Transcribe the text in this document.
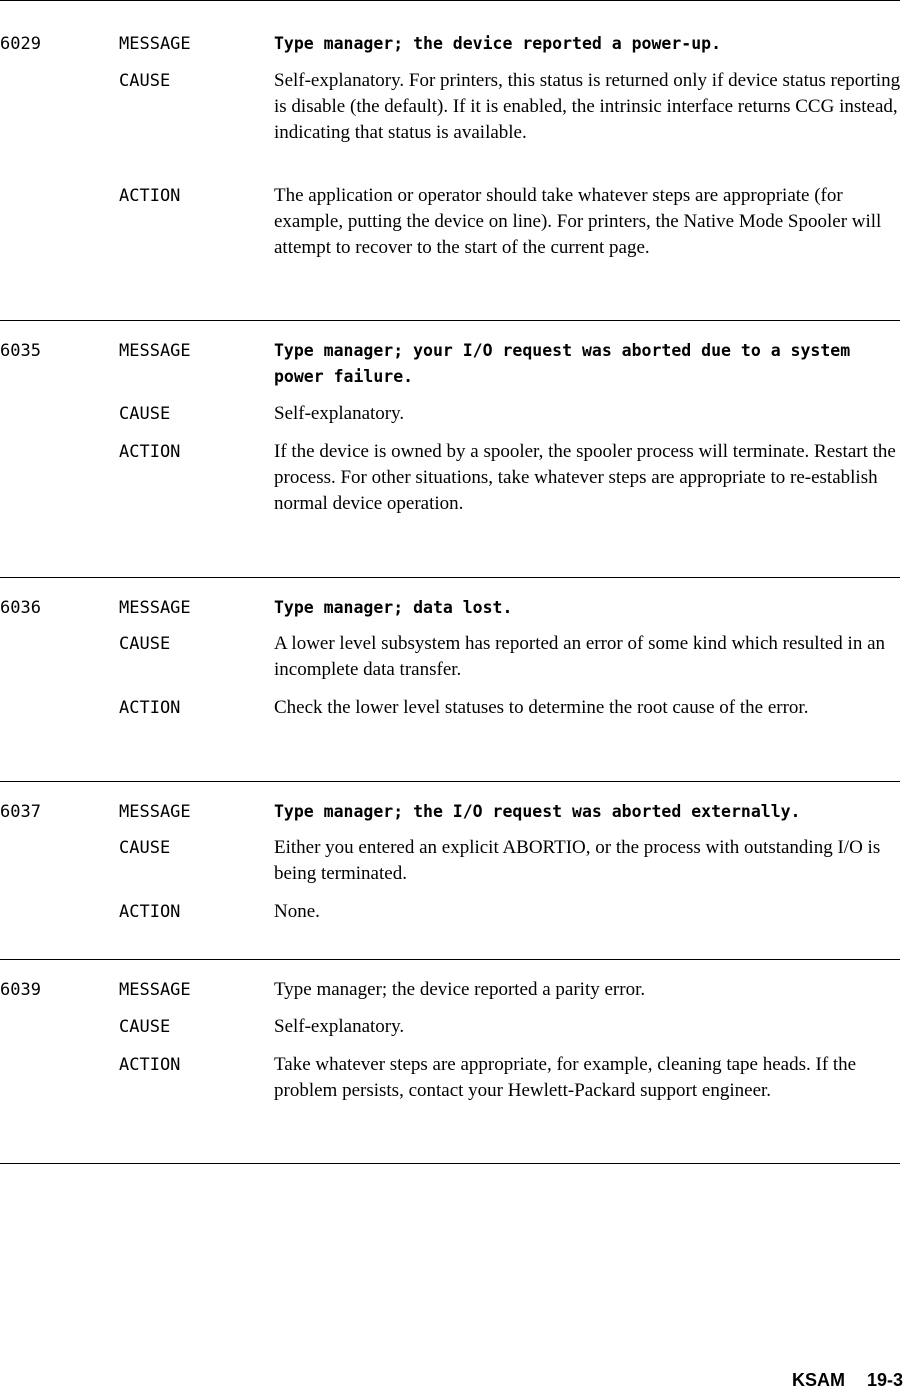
6029	MESSAGE	Type manager; the device reported a power-up.
CAUSE	Self-explanatory. For printers, this status is returned only if device status reporting is disable (the default). If it is enabled, the intrinsic interface returns CCG instead, indicating that status is available.
ACTION	The application or operator should take whatever steps are appropriate (for example, putting the device on line). For printers, the Native Mode Spooler will attempt to recover to the start of the current page.
6035	MESSAGE	Type manager; your I/O request was aborted due to a system power failure.
CAUSE	Self-explanatory.
ACTION	If the device is owned by a spooler, the spooler process will terminate. Restart the process. For other situations, take whatever steps are appropriate to re-establish normal device operation.
6036	MESSAGE	Type manager; data lost.
CAUSE	A lower level subsystem has reported an error of some kind which resulted in an incomplete data transfer.
ACTION	Check the lower level statuses to determine the root cause of the error.
6037	MESSAGE	Type manager; the I/O request was aborted externally.
CAUSE	Either you entered an explicit ABORTIO, or the process with outstanding I/O is being terminated.
ACTION	None.
6039	MESSAGE	Type manager; the device reported a parity error.
CAUSE	Self-explanatory.
ACTION	Take whatever steps are appropriate, for example, cleaning tape heads. If the problem persists, contact your Hewlett-Packard support engineer.
KSAM 19-3
